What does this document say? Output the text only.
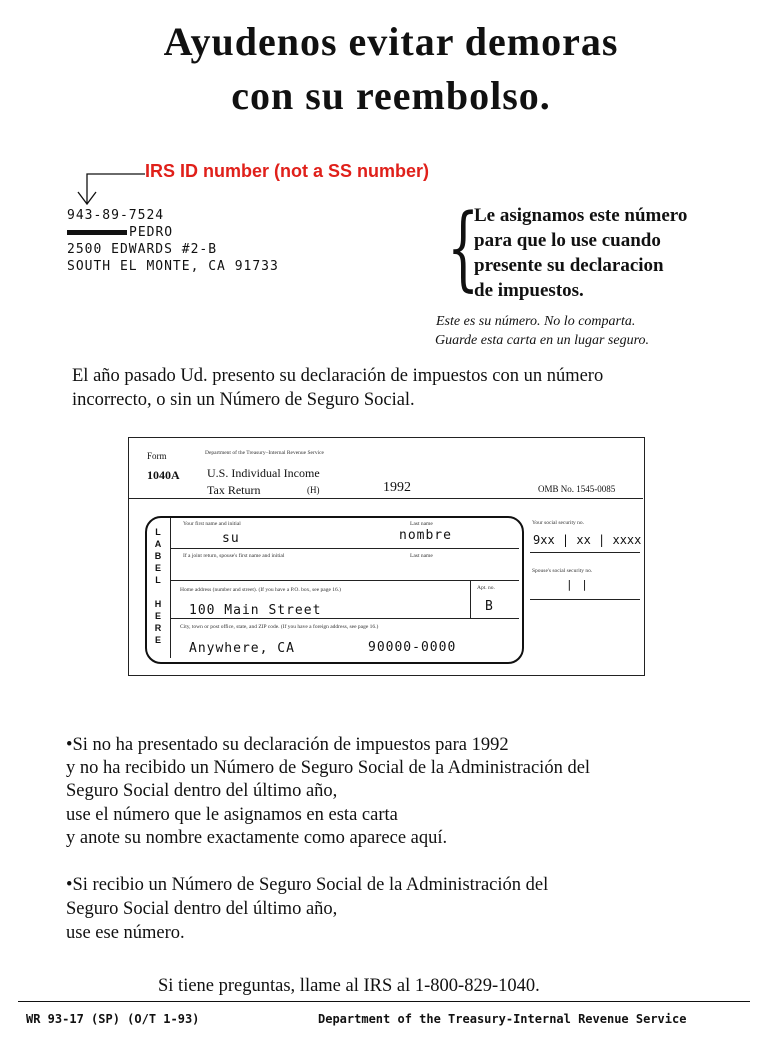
Ayudenos evitar demoras
con su reembolso.
IRS ID number (not a SS number)
943-89-7524
PEDRO
2500 EDWARDS #2-B
SOUTH EL MONTE, CA 91733 {
Le asignamos este número
para que lo use cuando
presente su declaracion
de impuestos.
Este es su número. No lo comparta.
Guarde esta carta en un lugar seguro.
El año pasado Ud. presento su declaración de impuestos con un número
incorrecto, o sin un Número de Seguro Social.
Form	Department of the Treasury–Internal Revenue Service
1040A U.S. Individual Income
Tax Return	(H)	1992	OMB No. 1545-0085
L
A
B
E
L

H
E
R
E
Your first name and initial	Last name
su	nombre
If a joint return, spouse's first name and initial	Last name
Home address (number and street). (If you have a P.O. box, see page 16.)	Apt. no.
100 Main Street	B
City, town or post office, state, and ZIP code. (If you have a foreign address, see page 16.)
Anywhere, CA	90000-0000
Your social security no.
9xx | xx | xxxx
Spouse's social security no.
| |
•Si no ha presentado su declaración de impuestos para 1992
y no ha recibido un Número de Seguro Social de la Administración del
Seguro Social dentro del último año,
use el número que le asignamos en esta carta
y anote su nombre exactamente como aparece aquí.
•Si recibio un Número de Seguro Social de la Administración del
Seguro Social dentro del último año,
use ese número.
Si tiene preguntas, llame al IRS al 1-800-829-1040.
WR 93-17 (SP) (O/T 1-93)	Department of the Treasury-Internal Revenue Service
